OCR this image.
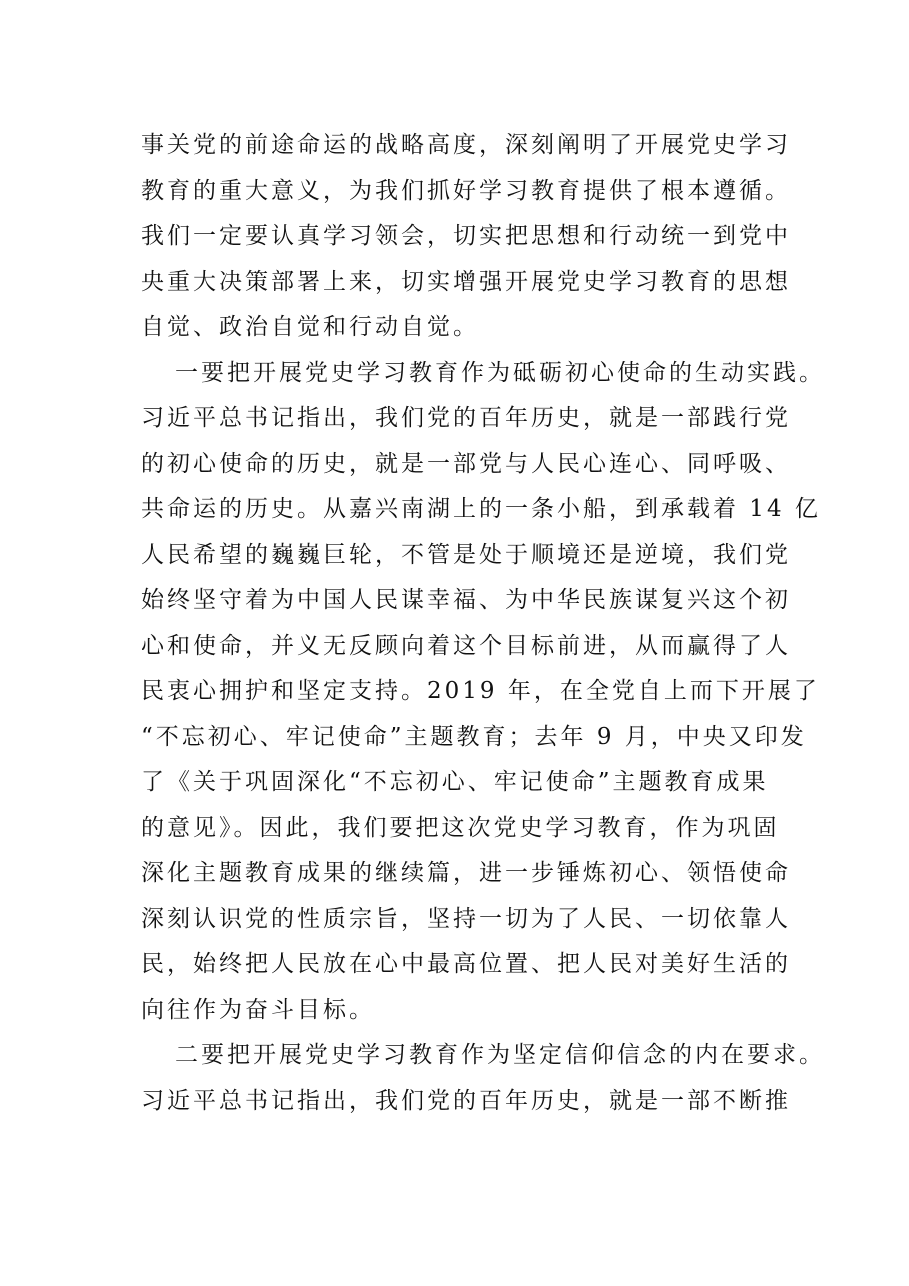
事关党的前途命运的战略高度，深刻阐明了开展党史学习
教育的重大意义，为我们抓好学习教育提供了根本遵循。
我们一定要认真学习领会，切实把思想和行动统一到党中
央重大决策部署上来，切实增强开展党史学习教育的思想
自觉、政治自觉和行动自觉。
一要把开展党史学习教育作为砥砺初心使命的生动实践。
习近平总书记指出，我们党的百年历史，就是一部践行党
的初心使命的历史，就是一部党与人民心连心、同呼吸、
共命运的历史。从嘉兴南湖上的一条小船，到承载着 14 亿
人民希望的巍巍巨轮，不管是处于顺境还是逆境，我们党
始终坚守着为中国人民谋幸福、为中华民族谋复兴这个初
心和使命，并义无反顾向着这个目标前进，从而赢得了人
民衷心拥护和坚定支持。2019 年，在全党自上而下开展了
“不忘初心、牢记使命”主题教育；去年 9 月，中央又印发
了《关于巩固深化“不忘初心、牢记使命”主题教育成果
的意见》。因此，我们要把这次党史学习教育，作为巩固
深化主题教育成果的继续篇，进一步锤炼初心、领悟使命
深刻认识党的性质宗旨，坚持一切为了人民、一切依靠人
民，始终把人民放在心中最高位置、把人民对美好生活的
向往作为奋斗目标。
二要把开展党史学习教育作为坚定信仰信念的内在要求。
习近平总书记指出，我们党的百年历史，就是一部不断推
